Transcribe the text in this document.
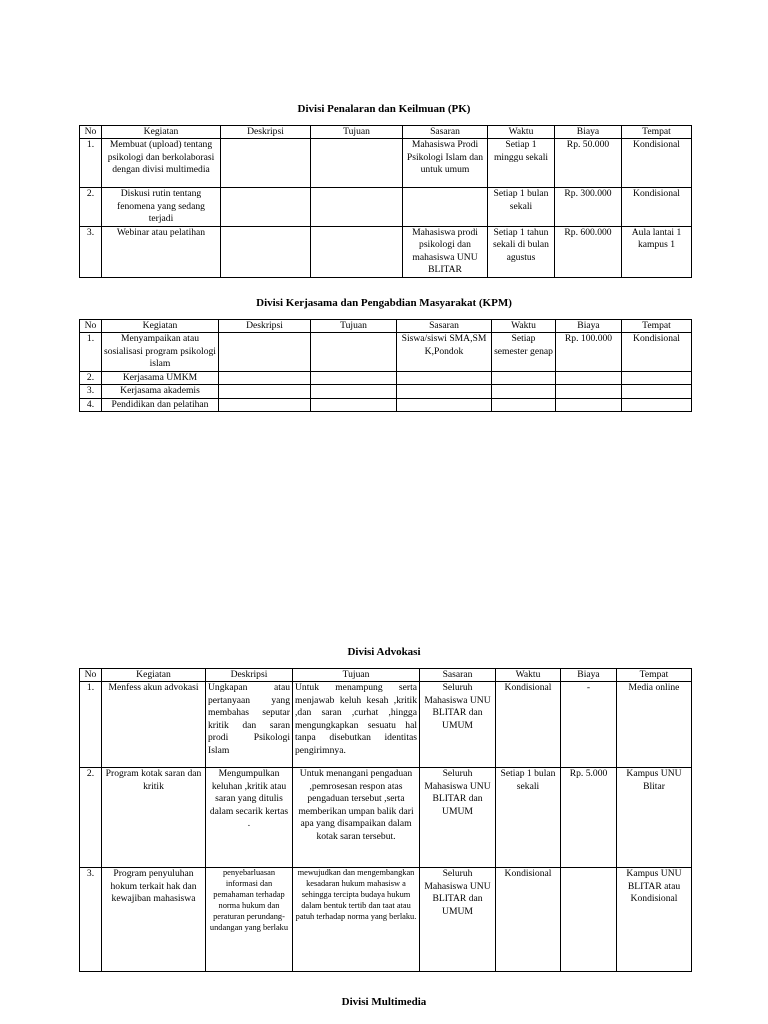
Divisi Penalaran dan Keilmuan (PK)
No	Kegiatan	Deskripsi	Tujuan	Sasaran	Waktu	Biaya	Tempat
1.	Membuat (upload) tentang psikologi dan berkolaborasi dengan divisi multimedia			Mahasiswa Prodi Psikologi Islam dan untuk umum	Setiap 1 minggu sekali	Rp. 50.000	Kondisional
2.	Diskusi rutin tentang fenomena yang sedang terjadi				Setiap 1 bulan sekali	Rp. 300.000	Kondisional
3.	Webinar atau pelatihan			Mahasiswa prodi psikologi dan mahasiswa UNU BLITAR	Setiap 1 tahun sekali di bulan agustus	Rp. 600.000	Aula lantai 1 kampus 1
Divisi Kerjasama dan Pengabdian Masyarakat (KPM)
No	Kegiatan	Deskripsi	Tujuan	Sasaran	Waktu	Biaya	Tempat
1.	Menyampaikan atau sosialisasi program psikologi islam			Siswa/siswi SMA,SMK,Pondok	Setiap semester genap	Rp. 100.000	Kondisional
2.	Kerjasama UMKM						
3.	Kerjasama akademis						
4.	Pendidikan dan pelatihan						
Divisi Advokasi
No	Kegiatan	Deskripsi	Tujuan	Sasaran	Waktu	Biaya	Tempat
1.	Menfess akun advokasi	Ungkapan atau pertanyaan yang membahas seputar kritik dan saran prodi Psikologi Islam	Untuk menampung serta menjawab keluh kesah ,kritik ,dan saran ,curhat ,hingga mengungkapkan sesuatu hal tanpa disebutkan identitas pengirimnya.	Seluruh Mahasiswa UNU BLITAR dan UMUM	Kondisional	-	Media online
2.	Program kotak saran dan kritik	Mengumpulkan keluhan ,kritik atau saran yang ditulis dalam secarik kertas .	Untuk menangani pengaduan ,pemrosesan respon atas pengaduan tersebut ,serta memberikan umpan balik dari apa yang disampaikan dalam kotak saran tersebut.	Seluruh Mahasiswa UNU BLITAR dan UMUM	Setiap 1 bulan sekali	Rp. 5.000	Kampus UNU Blitar
3.	Program penyuluhan hokum terkait hak dan kewajiban mahasiswa	penyebarluasan informasi dan pemahaman terhadap norma hukum dan peraturan perundang-undangan yang berlaku	mewujudkan dan mengembangkan kesadaran hukum mahasisw a sehingga tercipta budaya hukum dalam bentuk tertib dan taat atau patuh terhadap norma yang berlaku.	Seluruh Mahasiswa UNU BLITAR dan UMUM	Kondisional		Kampus UNU BLITAR atau Kondisional
Divisi Multimedia
